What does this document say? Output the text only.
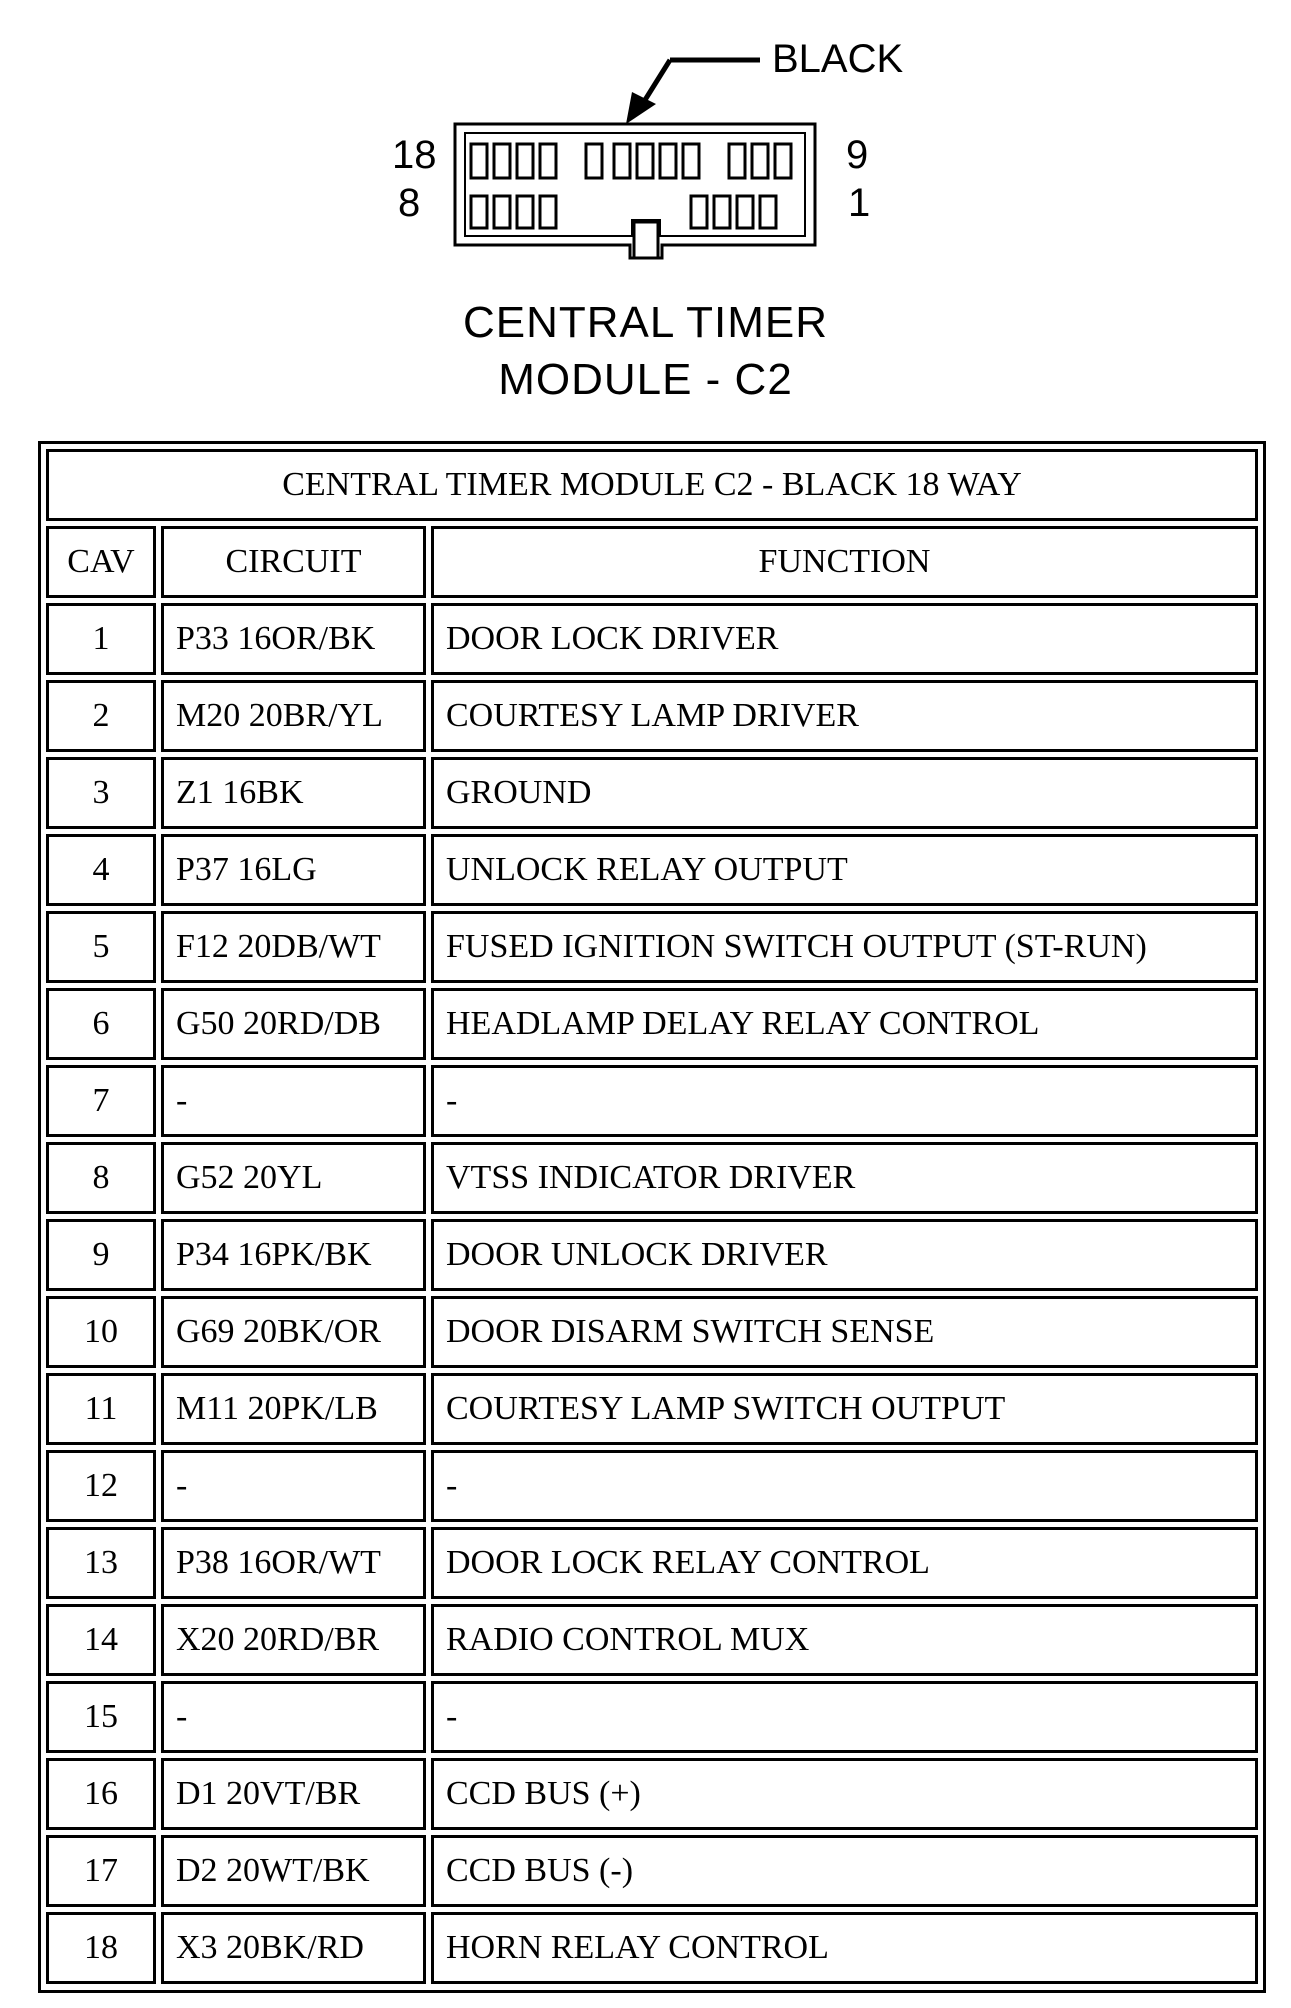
BLACK
18
8
9
1
CENTRAL TIMER
MODULE - C2
CENTRAL TIMER MODULE C2 - BLACK 18 WAY
CAV	CIRCUIT	FUNCTION
1	P33 16OR/BK	DOOR LOCK DRIVER
2	M20 20BR/YL	COURTESY LAMP DRIVER
3	Z1 16BK	GROUND
4	P37 16LG	UNLOCK RELAY OUTPUT
5	F12 20DB/WT	FUSED IGNITION SWITCH OUTPUT (ST-RUN)
6	G50 20RD/DB	HEADLAMP DELAY RELAY CONTROL
7	-	-
8	G52 20YL	VTSS INDICATOR DRIVER
9	P34 16PK/BK	DOOR UNLOCK DRIVER
10	G69 20BK/OR	DOOR DISARM SWITCH SENSE
11	M11 20PK/LB	COURTESY LAMP SWITCH OUTPUT
12	-	-
13	P38 16OR/WT	DOOR LOCK RELAY CONTROL
14	X20 20RD/BR	RADIO CONTROL MUX
15	-	-
16	D1 20VT/BR	CCD BUS (+)
17	D2 20WT/BK	CCD BUS (-)
18	X3 20BK/RD	HORN RELAY CONTROL
